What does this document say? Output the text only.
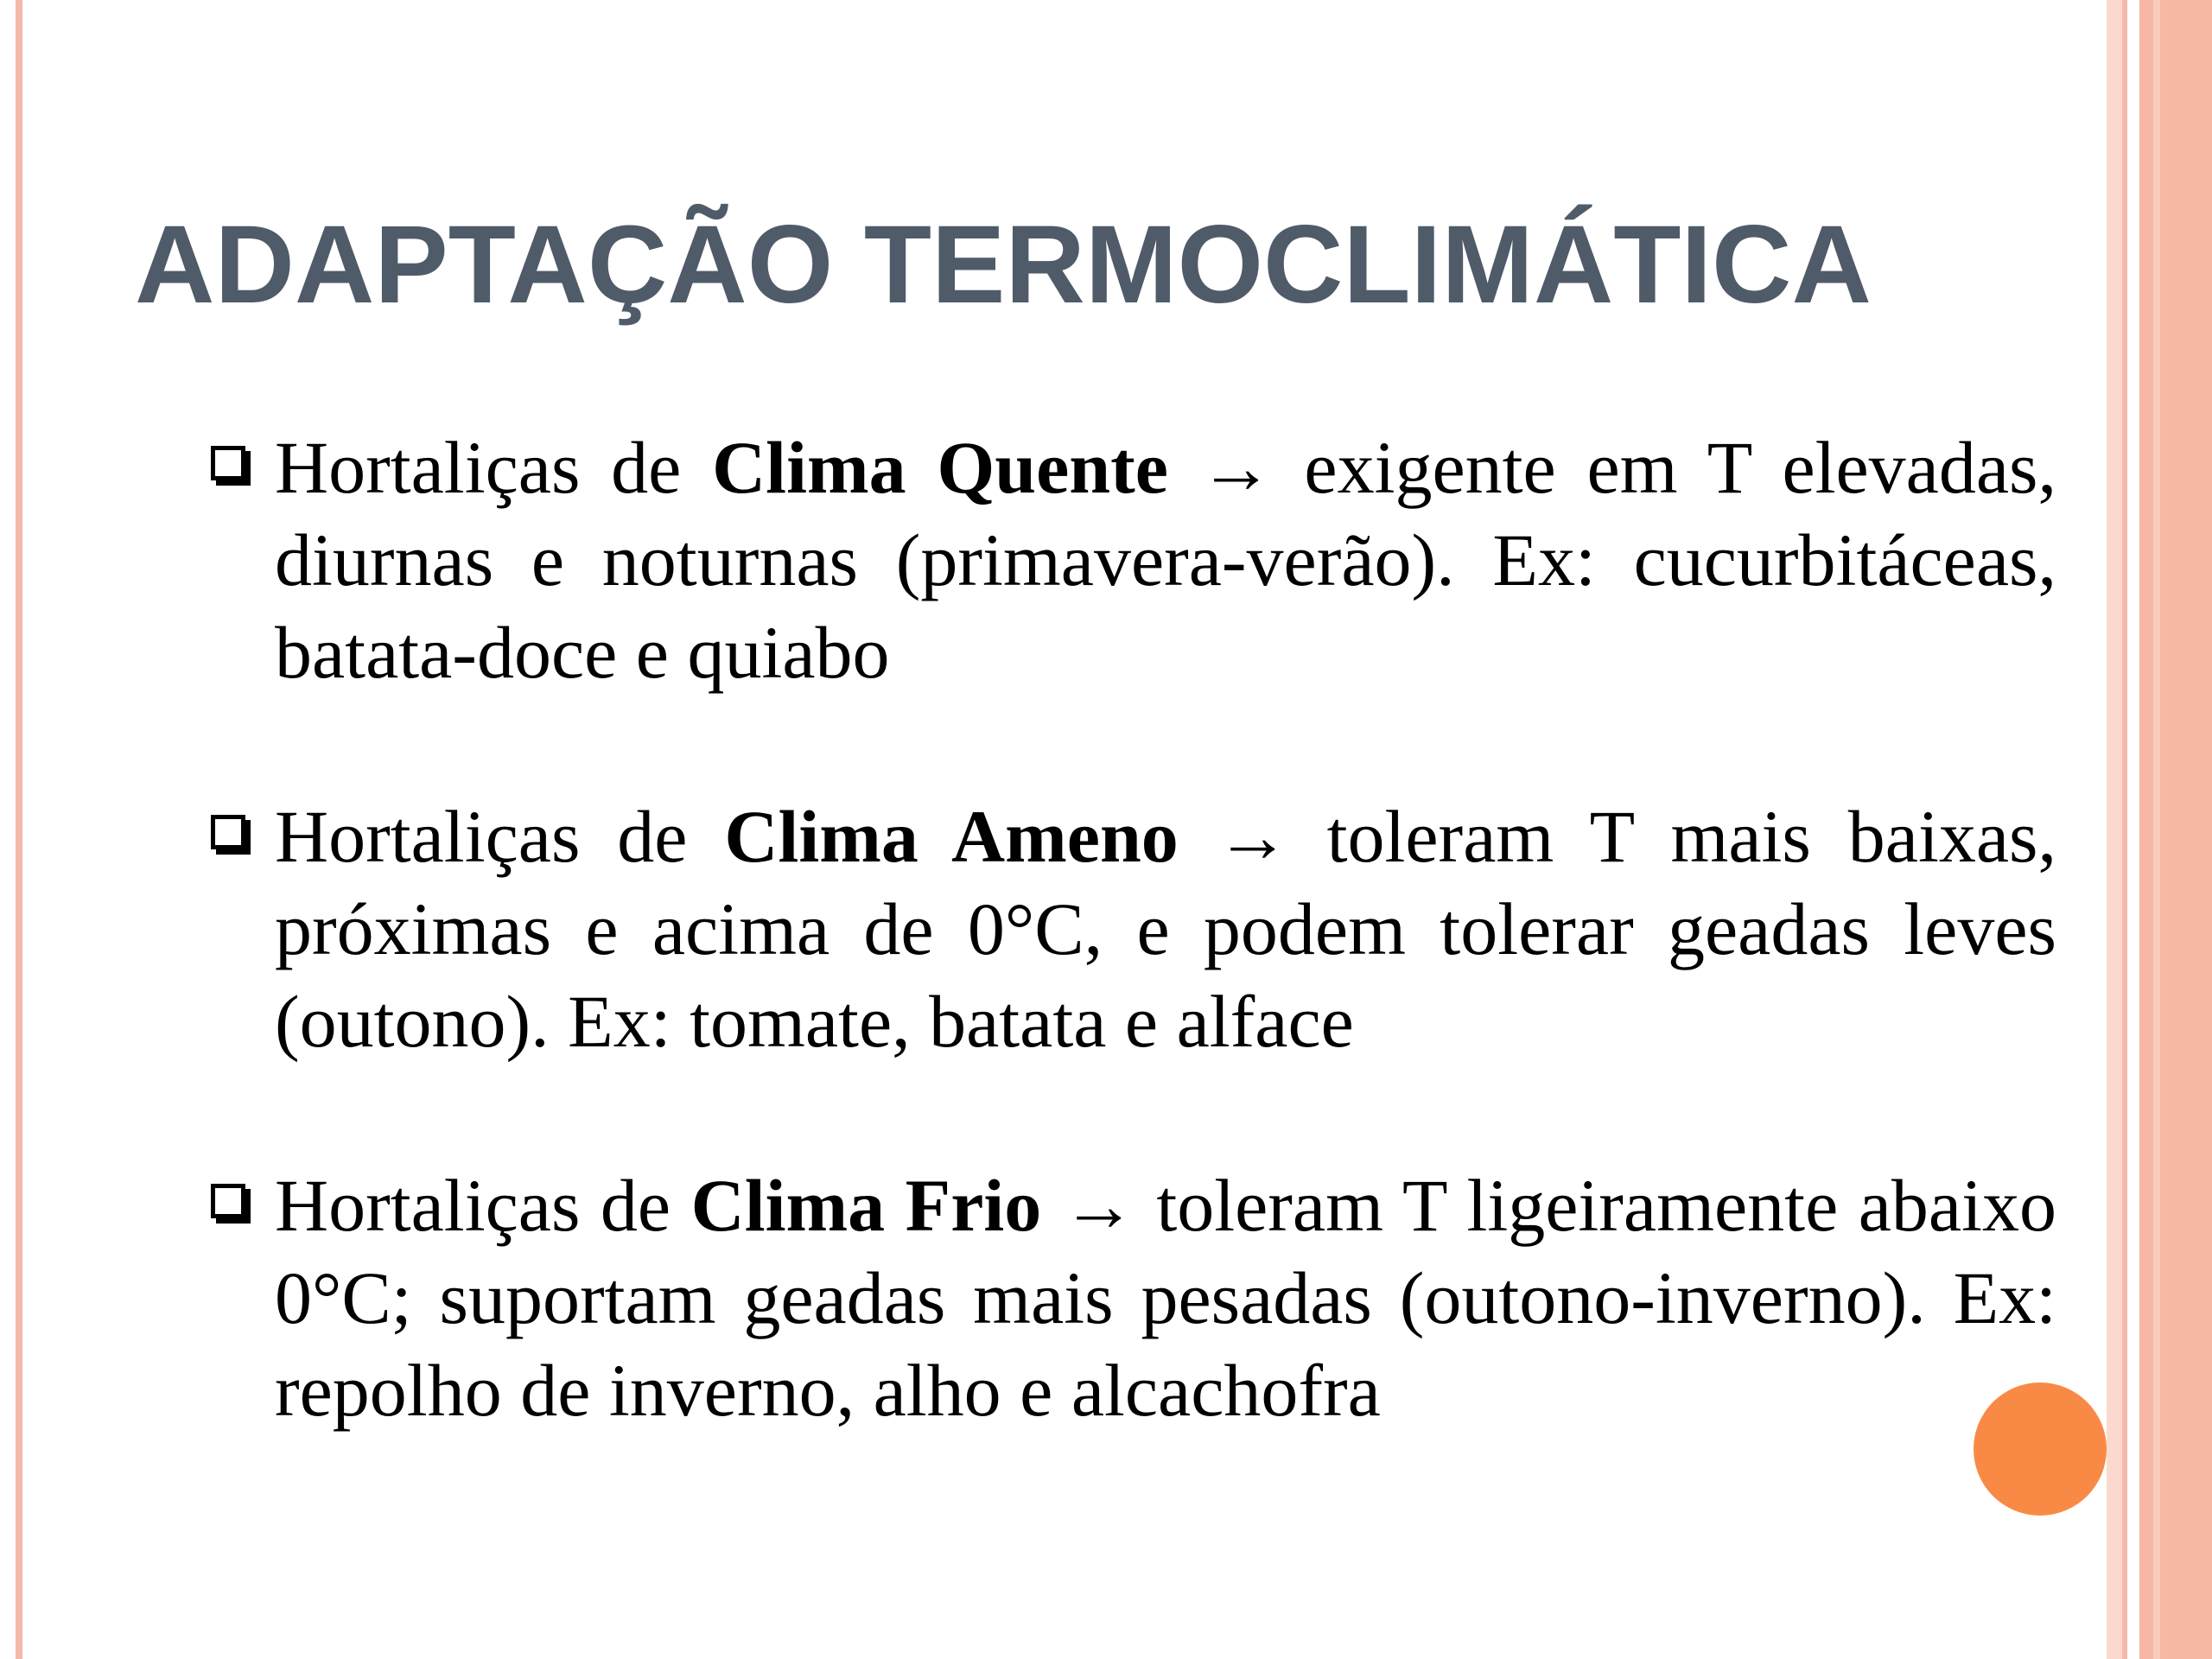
ADAPTAÇÃO TERMOCLIMÁTICA
Hortaliças de Clima Quente → exigente em T elevadas, diurnas e noturnas (primavera-verão). Ex: cucurbitáceas, batata-doce e quiabo
Hortaliças de Clima Ameno → toleram T mais baixas, próximas e acima de 0°C, e podem tolerar geadas leves (outono). Ex: tomate, batata e alface
Hortaliças de Clima Frio → toleram T ligeiramente abaixo 0°C; suportam geadas mais pesadas (outono-inverno). Ex: repolho de inverno, alho e alcachofra
